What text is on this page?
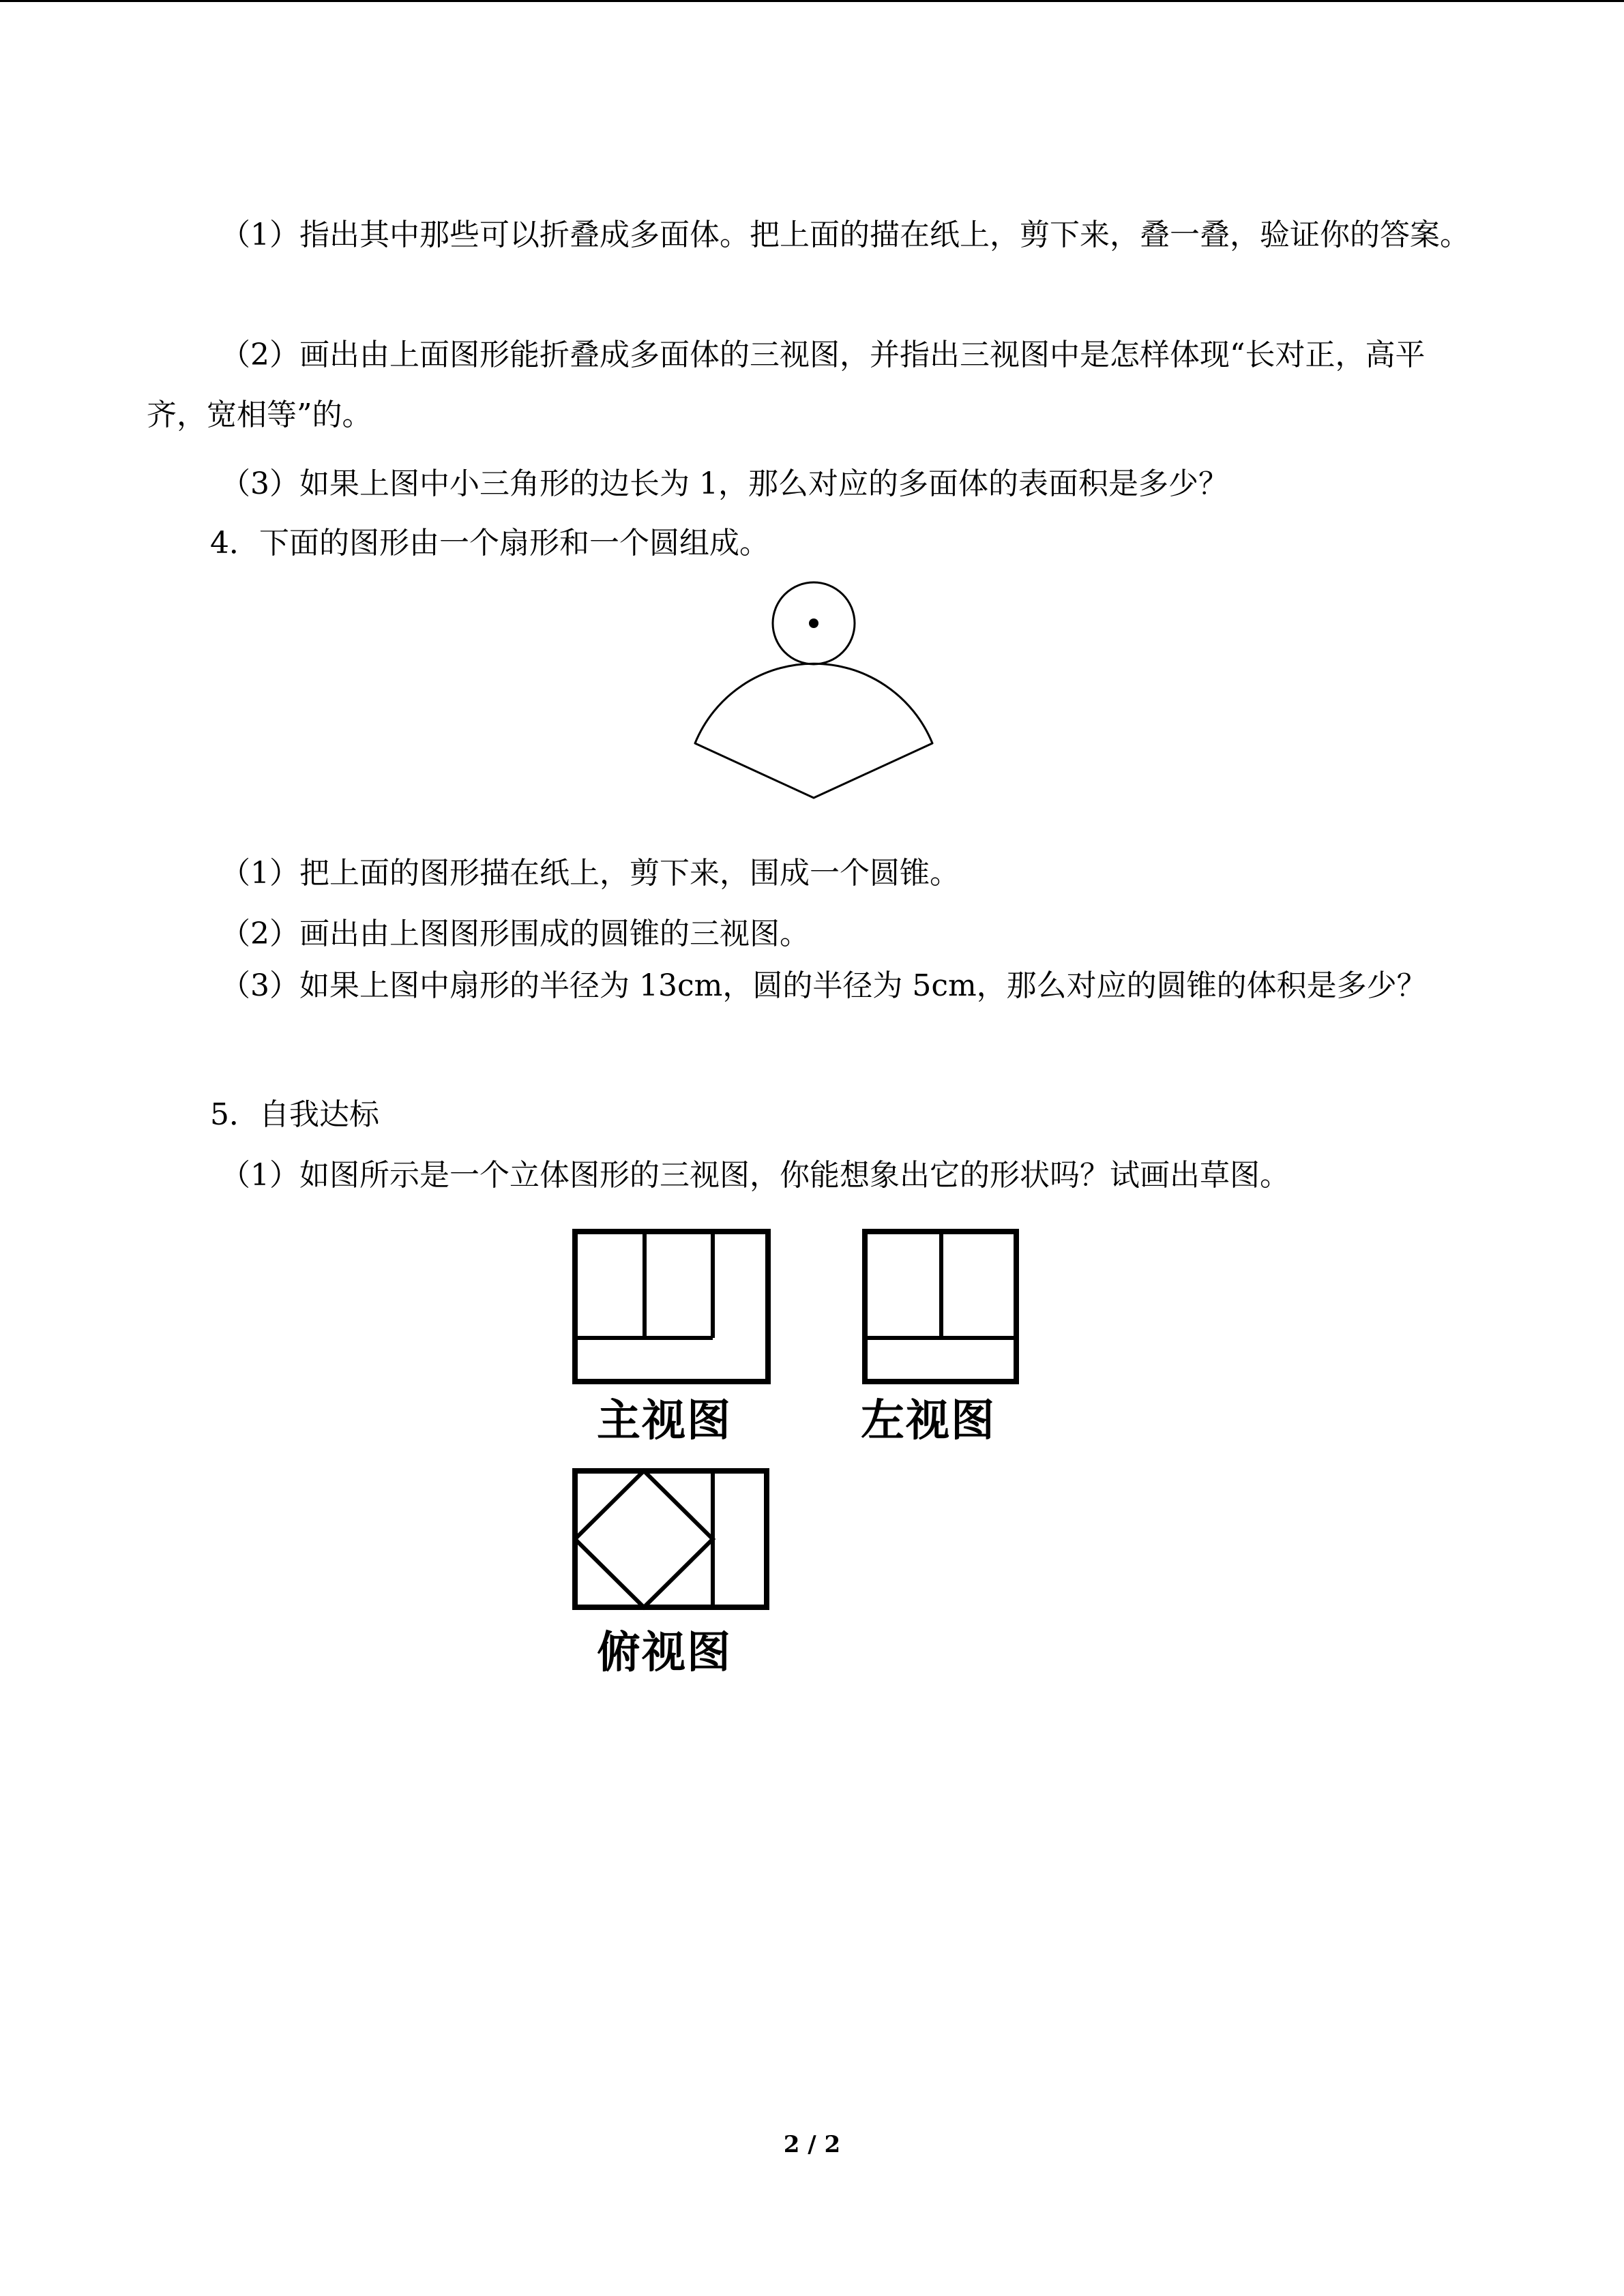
（1）指出其中那些可以折叠成多面体。把上面的描在纸上，剪下来，叠一叠，验证你的答案。

（2）画出由上面图形能折叠成多面体的三视图，并指出三视图中是怎样体现“长对正，高平齐，宽相等”的。

（3）如果上图中小三角形的边长为 1，那么对应的多面体的表面积是多少？

4．下面的图形由一个扇形和一个圆组成。

（1）把上面的图形描在纸上，剪下来，围成一个圆锥。

（2）画出由上图图形围成的圆锥的三视图。

（3）如果上图中扇形的半径为 13cm，圆的半径为 5cm，那么对应的圆锥的体积是多少？

5．自我达标

（1）如图所示是一个立体图形的三视图，你能想象出它的形状吗？试画出草图。

主视图	左视图
俯视图
2 / 2
